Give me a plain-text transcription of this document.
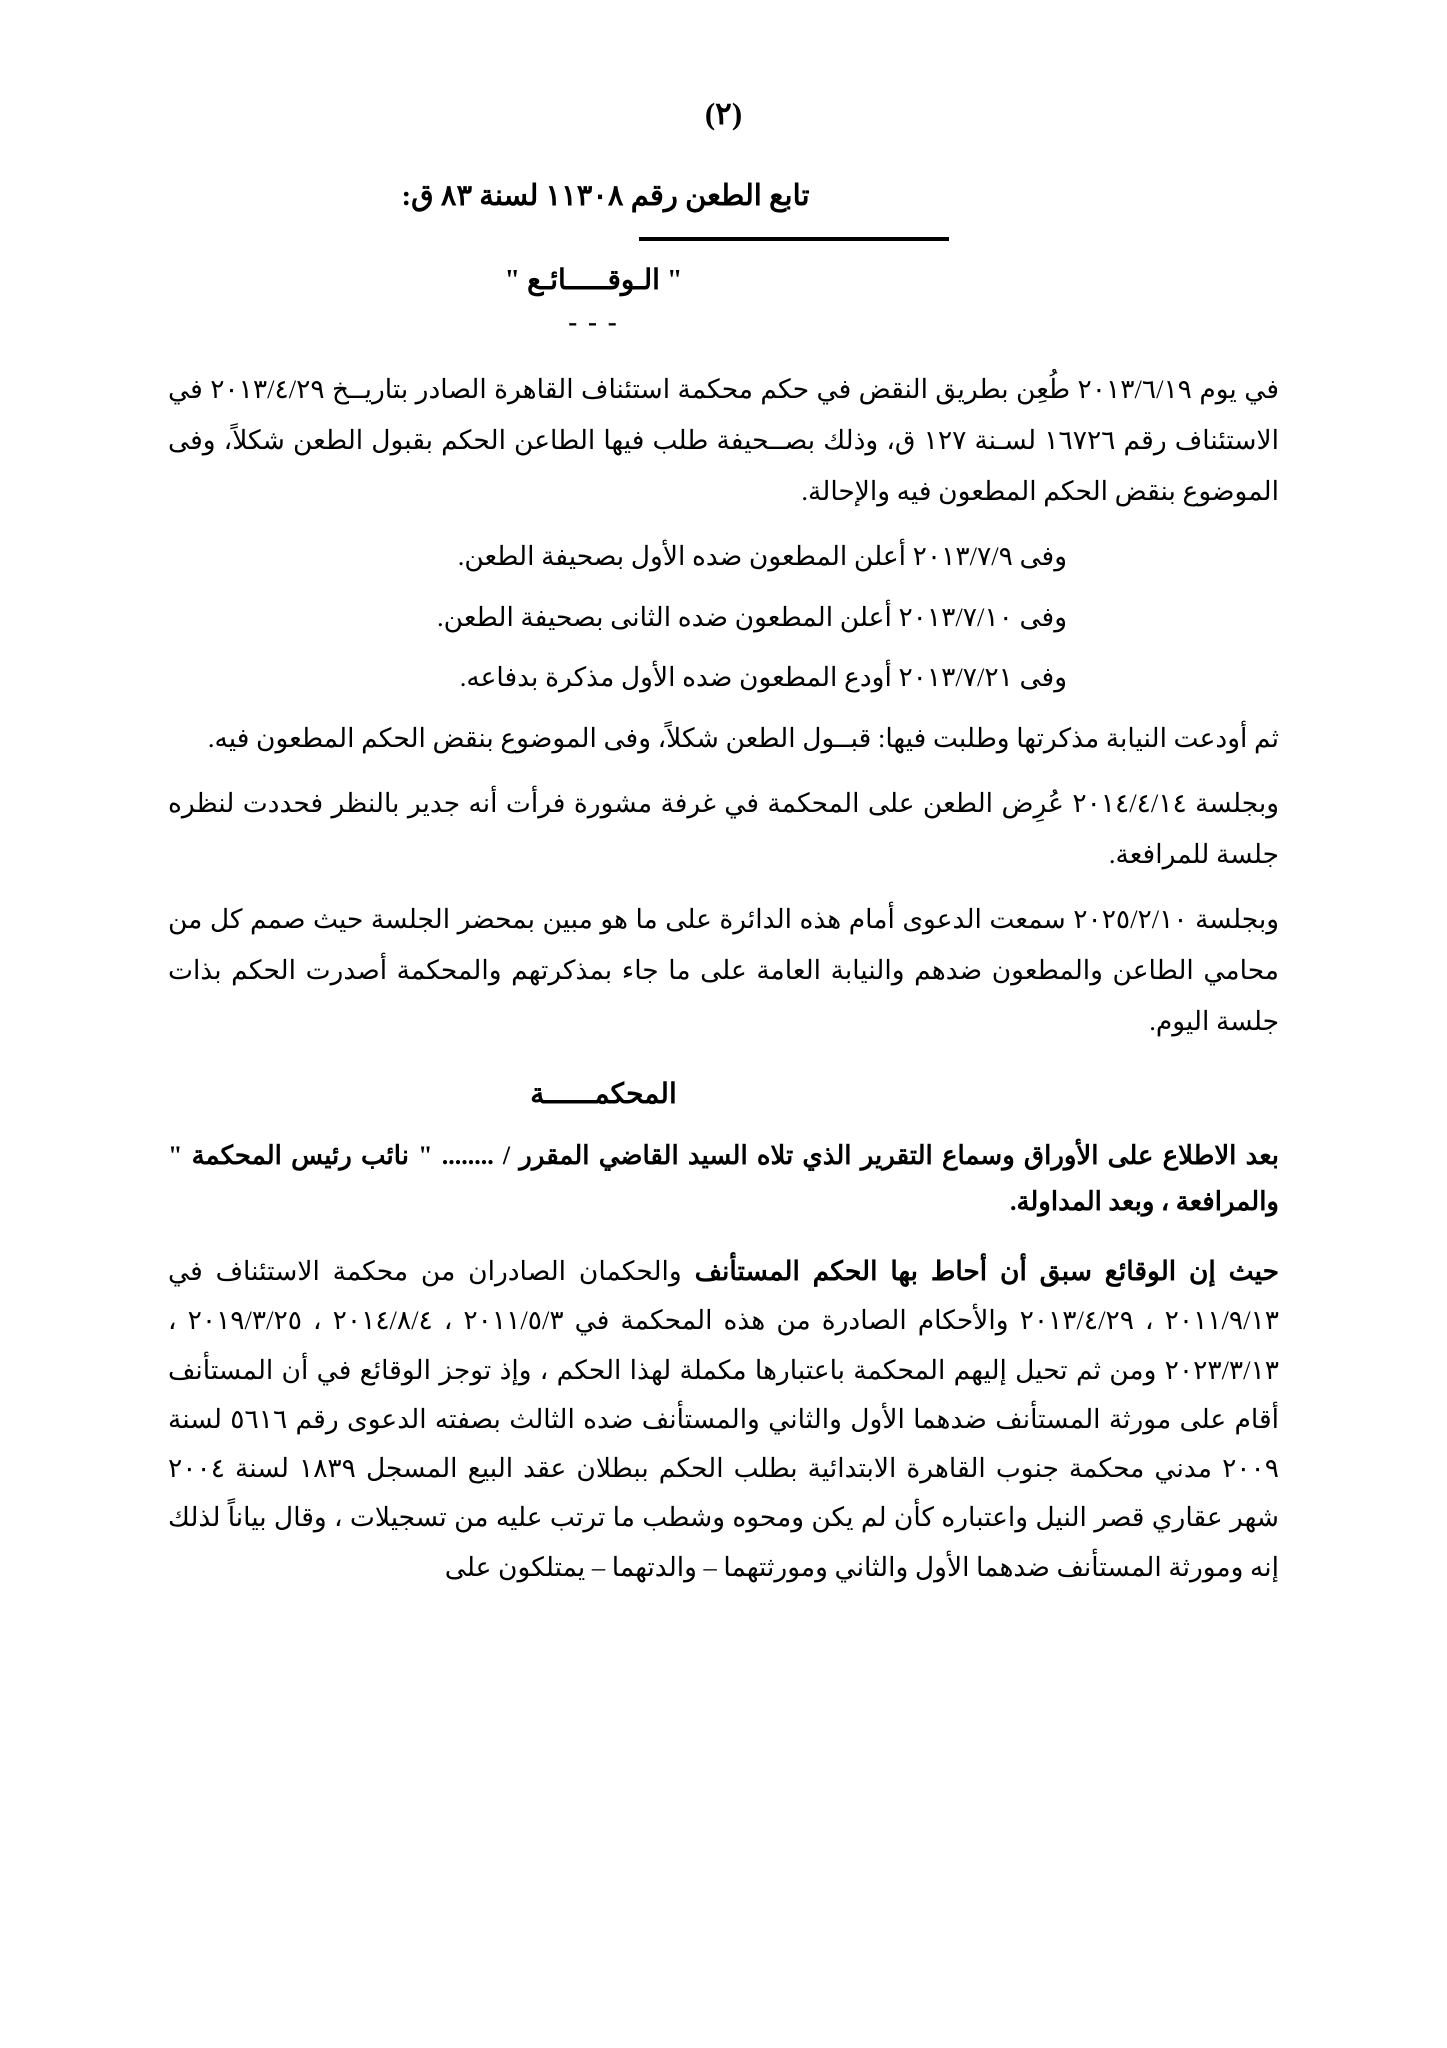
(٢)
تابع الطعن رقم ١١٣٠٨ لسنة ٨٣ ق:
" الـوقـــــائـع "
- - -

في يوم ٢٠١٣/٦/١٩ طُعِن بطريق النقض في حكم محكمة استئناف القاهرة الصادر بتاريــخ ٢٠١٣/٤/٢٩ في الاستئناف رقم ١٦٧٢٦ لسـنة ١٢٧ ق، وذلك بصــحيفة طلب فيها الطاعن الحكم بقبول الطعن شكلاً، وفى الموضوع بنقض الحكم المطعون فيه والإحالة.

وفى ٢٠١٣/٧/٩ أعلن المطعون ضده الأول بصحيفة الطعن.

وفى ٢٠١٣/٧/١٠ أعلن المطعون ضده الثانى بصحيفة الطعن.

وفى ٢٠١٣/٧/٢١ أودع المطعون ضده الأول مذكرة بدفاعه.

ثم أودعت النيابة مذكرتها وطلبت فيها: قبــول الطعن شكلاً، وفى الموضوع بنقض الحكم المطعون فيه.

وبجلسة ٢٠١٤/٤/١٤ عُرِض الطعن على المحكمة في غرفة مشورة فرأت أنه جدير بالنظر فحددت لنظره جلسة للمرافعة.

وبجلسة ٢٠٢٥/٢/١٠ سمعت الدعوى أمام هذه الدائرة على ما هو مبين بمحضر الجلسة حيث صمم كل من محامي الطاعن والمطعون ضدهم والنيابة العامة على ما جاء بمذكرتهم والمحكمة أصدرت الحكم بذات جلسة اليوم.

المحكمــــــة

بعد الاطلاع على الأوراق وسماع التقرير الذي تلاه السيد القاضي المقرر / ........ " نائب رئيس المحكمة " والمرافعة ، وبعد المداولة.

حيث إن الوقائع سبق أن أحاط بها الحكم المستأنف والحكمان الصادران من محكمة الاستئناف في ٢٠١١/٩/١٣ ، ٢٠١٣/٤/٢٩ والأحكام الصادرة من هذه المحكمة في ٢٠١١/٥/٣ ، ٢٠١٤/٨/٤ ، ٢٠١٩/٣/٢٥ ، ٢٠٢٣/٣/١٣ ومن ثم تحيل إليهم المحكمة باعتبارها مكملة لهذا الحكم ، وإذ توجز الوقائع في أن المستأنف أقام على مورثة المستأنف ضدهما الأول والثاني والمستأنف ضده الثالث بصفته الدعوى رقم ٥٦١٦ لسنة ٢٠٠٩ مدني محكمة جنوب القاهرة الابتدائية بطلب الحكم ببطلان عقد البيع المسجل ١٨٣٩ لسنة ٢٠٠٤ شهر عقاري قصر النيل واعتباره كأن لم يكن ومحوه وشطب ما ترتب عليه من تسجيلات ، وقال بياناً لذلك إنه ومورثة المستأنف ضدهما الأول والثاني ومورثتهما – والدتهما – يمتلكون على
